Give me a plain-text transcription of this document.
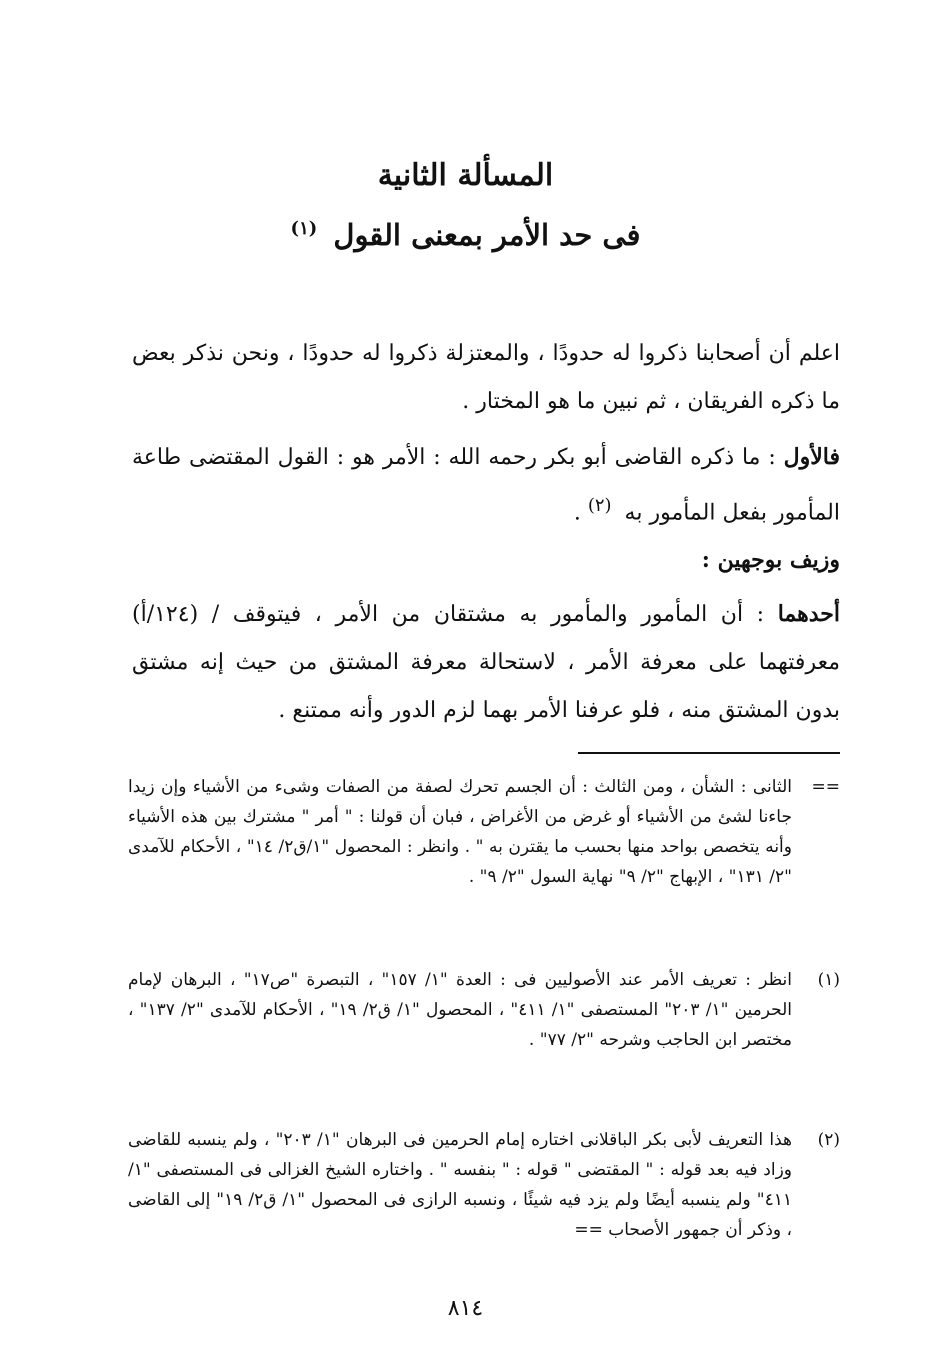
المسألة الثانية
فى حد الأمر بمعنى القول $^{(١)}$
اعلم أن أصحابنا ذكروا له حدودًا ، والمعتزلة ذكروا له حدودًا ، ونحن نذكر بعض ما ذكره الفريقان ، ثم نبين ما هو المختار .
فالأول : ما ذكره القاضى أبو بكر رحمه الله : الأمر هو : القول المقتضى طاعة المأمور بفعل المأمور به $^{(٢)}$ .
وزيف بوجهين :
أحدهما : أن المأمور والمأمور به مشتقان من الأمر ، فيتوقف / (١٢٤/أ) معرفتهما على معرفة الأمر ، لاستحالة معرفة المشتق من حيث إنه مشتق بدون المشتق منه ، فلو عرفنا الأمر بهما لزم الدور وأنه ممتنع .
==
الثانى : الشأن ، ومن الثالث : أن الجسم تحرك لصفة من الصفات وشىء من الأشياء وإن زيدا جاءنا لشئ من الأشياء أو غرض من الأغراض ، فبان أن قولنا : " أمر " مشترك بين هذه الأشياء وأنه يتخصص بواحد منها بحسب ما يقترن به " . وانظر : المحصول "١/ق٢/ ١٤" ، الأحكام للآمدى "٢/ ١٣١" ، الإبهاج "٢/ ٩" نهاية السول "٢/ ٩" .
(١)
انظر : تعريف الأمر عند الأصوليين فى : العدة "١/ ١٥٧" ، التبصرة "ص١٧" ، البرهان لإمام الحرمين "١/ ٢٠٣" المستصفى "١/ ٤١١" ، المحصول "١/ ق٢/ ١٩" ، الأحكام للآمدى "٢/ ١٣٧" ، مختصر ابن الحاجب وشرحه "٢/ ٧٧" .
(٢)
هذا التعريف لأبى بكر الباقلانى اختاره إمام الحرمين فى البرهان "١/ ٢٠٣" ، ولم ينسبه للقاضى وزاد فيه بعد قوله : " المقتضى " قوله : " بنفسه " . واختاره الشيخ الغزالى فى المستصفى "١/ ٤١١" ولم ينسبه أيضًا ولم يزد فيه شيئًا ، ونسبه الرازى فى المحصول "١/ ق٢/ ١٩" إلى القاضى ، وذكر أن جمهور الأصحاب ==
٨١٤
